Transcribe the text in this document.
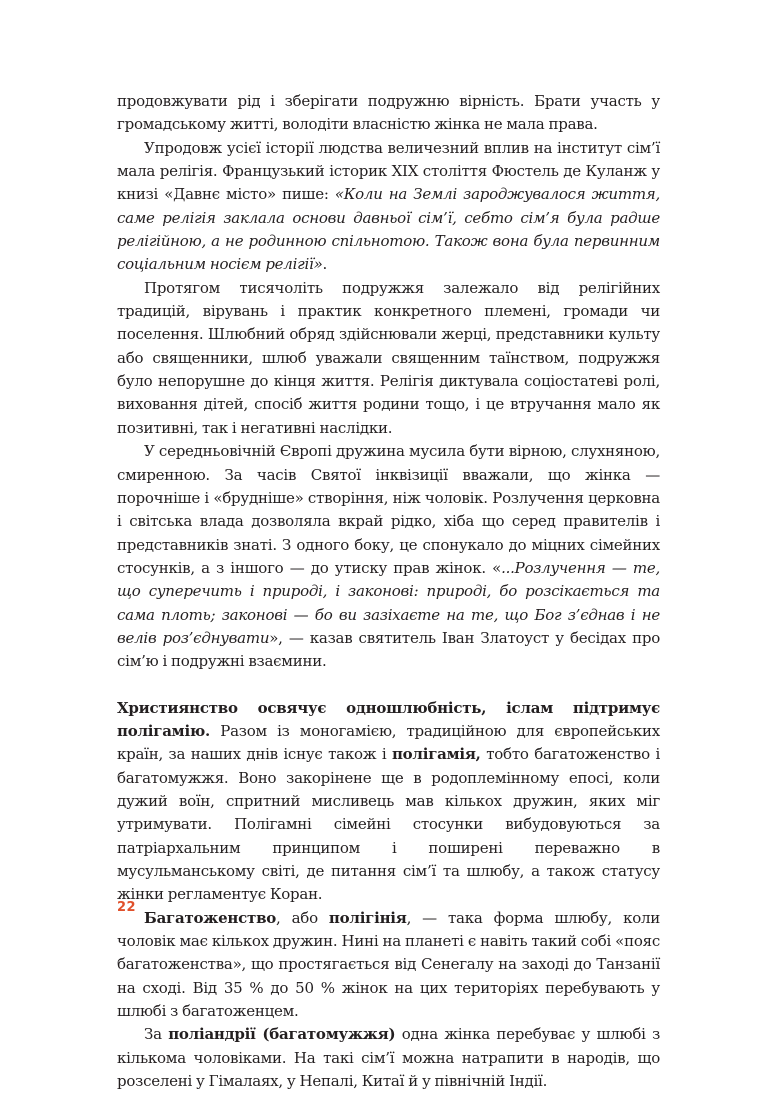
продовжувати рід і зберігати подружню вірність. Брати участь у громадському житті, володіти власністю жінка не мала права.

Упродовж усієї історії людства величезний вплив на інститут сім’ї мала релігія. Французький історик XIX століття Фюстель де Куланж у книзі «Давнє місто» пише: «Коли на Землі зароджувалося життя, саме релігія заклала основи давньої сім’ї, себто сім’я була радше релігійною, а не родинною спільнотою. Також вона була первинним соціальним носієм релігії».

Протягом тисячоліть подружжя залежало від релігійних традицій, вірувань і практик конкретного племені, громади чи поселення. Шлюбний обряд здійснювали жерці, представники культу або священники, шлюб уважали священним таїнством, подружжя було непорушне до кінця життя. Релігія диктувала соціостатеві ролі, виховання дітей, спосіб життя родини тощо, і це втручання мало як позитивні, так і негативні наслідки.

У середньовічній Європі дружина мусила бути вірною, слухняною, смиренною. За часів Святої інквізиції вважали, що жінка — порочніше і «брудніше» створіння, ніж чоловік. Розлучення церковна і світська влада дозволяла вкрай рідко, хіба що серед правителів і представників знаті. З одного боку, це спонукало до міцних сімейних стосунків, а з іншого — до утиску прав жінок. «...Розлучення — те, що суперечить і природі, і законові: природі, бо розсікається та сама плоть; законові — бо ви зазіхаєте на те, що Бог з’єднав і не велів роз’єднувати», — казав святитель Іван Златоуст у бесідах про сім’ю і подружні взаємини.

Християнство освячує одношлюбність, іслам підтримує полігамію. Разом із моногамією, традиційною для європейських країн, за наших днів існує також і полігамія, тобто багатоженство і багатомужжя. Воно закорінене ще в родоплемінному епосі, коли дужий воїн, спритний мисливець мав кількох дружин, яких міг утримувати. Полігамні сімейні стосунки вибудовуються за патріархальним принципом і поширені переважно в мусульманському світі, де питання сім’ї та шлюбу, а також статусу жінки регламентує Коран.

Багатоженство, або полігінія, — така форма шлюбу, коли чоловік має кількох дружин. Нині на планеті є навіть такий собі «пояс багатоженства», що простягається від Сенегалу на заході до Танзанії на сході. Від 35 % до 50 % жінок на цих територіях перебувають у шлюбі з багатоженцем.

За поліандрії (багатомужжя) одна жінка перебуває у шлюбі з кількома чоловіками. На такі сім’ї можна натрапити в народів, що розселені у Гімалаях, у Непалі, Китаї й у північній Індії.

22
